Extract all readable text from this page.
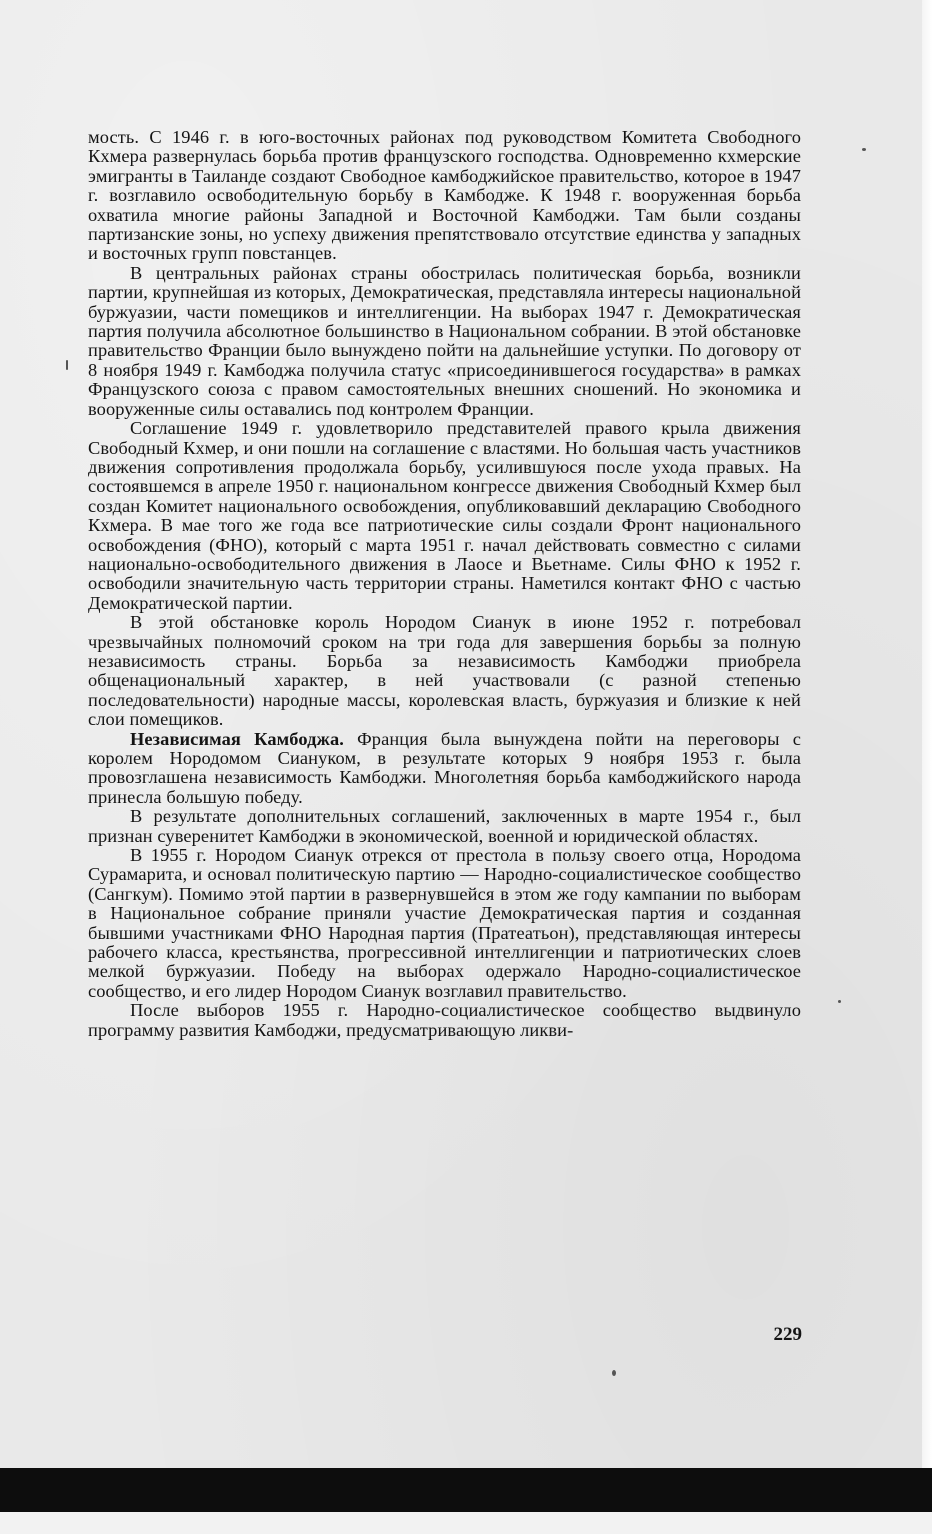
мость. С 1946 г. в юго-восточных районах под руководством Комитета Свободного Кхмера развернулась борьба против французского господства. Одновременно кхмерские эмигранты в Таиланде создают Свободное камбоджийское правительство, которое в 1947 г. возглавило освободительную борьбу в Камбодже. К 1948 г. вооруженная борьба охватила многие районы Западной и Восточной Камбоджи. Там были созданы партизанские зоны, но успеху движения препятствовало отсутствие единства у западных и восточных групп повстанцев.

В центральных районах страны обострилась политическая борьба, возникли партии, крупнейшая из которых, Демократическая, представляла интересы национальной буржуазии, части помещиков и интеллигенции. На выборах 1947 г. Демократическая партия получила абсолютное большинство в Национальном собрании. В этой обстановке правительство Франции было вынуждено пойти на дальнейшие уступки. По договору от 8 ноября 1949 г. Камбоджа получила статус «присоединившегося государства» в рамках Французского союза с правом самостоятельных внешних сношений. Но экономика и вооруженные силы оставались под контролем Франции.

Соглашение 1949 г. удовлетворило представителей правого крыла движения Свободный Кхмер, и они пошли на соглашение с властями. Но большая часть участников движения сопротивления продолжала борьбу, усилившуюся после ухода правых. На состоявшемся в апреле 1950 г. национальном конгрессе движения Свободный Кхмер был создан Комитет национального освобождения, опубликовавший декларацию Свободного Кхмера. В мае того же года все патриотические силы создали Фронт национального освобождения (ФНО), который с марта 1951 г. начал действовать совместно с силами национально-освободительного движения в Лаосе и Вьетнаме. Силы ФНО к 1952 г. освободили значительную часть территории страны. Наметился контакт ФНО с частью Демократической партии.

В этой обстановке король Нородом Сианук в июне 1952 г. потребовал чрезвычайных полномочий сроком на три года для завершения борьбы за полную независимость страны. Борьба за независимость Камбоджи приобрела общенациональный характер, в ней участвовали (с разной степенью последовательности) народные массы, королевская власть, буржуазия и близкие к ней слои помещиков.

Независимая Камбоджа. Франция была вынуждена пойти на переговоры с королем Нородомом Сиануком, в результате которых 9 ноября 1953 г. была провозглашена независимость Камбоджи. Многолетняя борьба камбоджийского народа принесла большую победу.

В результате дополнительных соглашений, заключенных в марте 1954 г., был признан суверенитет Камбоджи в экономической, военной и юридической областях.

В 1955 г. Нородом Сианук отрекся от престола в пользу своего отца, Нородома Сурамарита, и основал политическую партию — Народно-социалистическое сообщество (Сангкум). Помимо этой партии в развернувшейся в этом же году кампании по выборам в Национальное собрание приняли участие Демократическая партия и созданная бывшими участниками ФНО Народная партия (Пратеатьон), представляющая интересы рабочего класса, крестьянства, прогрессивной интеллигенции и патриотических слоев мелкой буржуазии. Победу на выборах одержало Народно-социалистическое сообщество, и его лидер Нородом Сианук возглавил правительство.

После выборов 1955 г. Народно-социалистическое сообщество выдвинуло программу развития Камбоджи, предусматривающую ликви-

229
